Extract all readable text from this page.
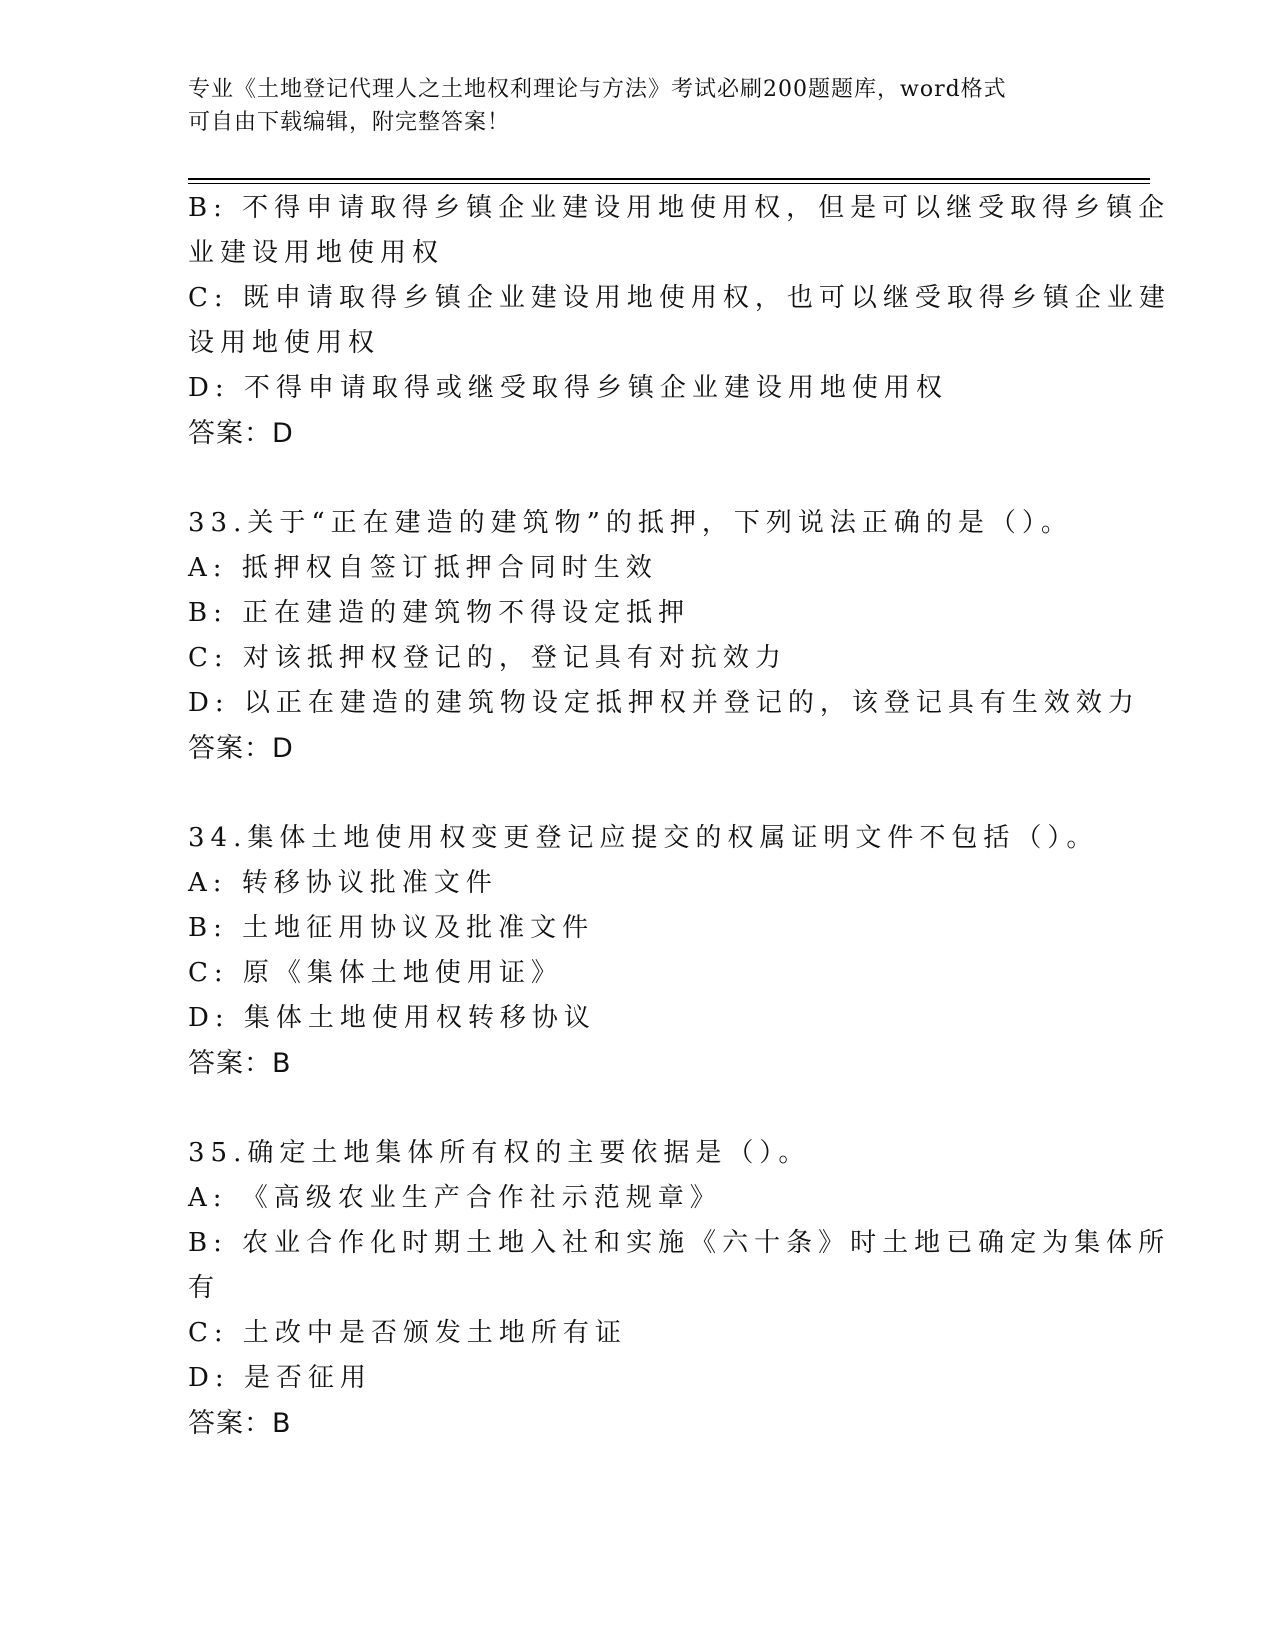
专业《土地登记代理人之土地权利理论与方法》考试必刷200题题库，word格式
可自由下载编辑，附完整答案！
B: 不得申请取得乡镇企业建设用地使用权，但是可以继受取得乡镇企
业建设用地使用权
C: 既申请取得乡镇企业建设用地使用权，也可以继受取得乡镇企业建
设用地使用权
D: 不得申请取得或继受取得乡镇企业建设用地使用权
答案：D
33.关于“正在建造的建筑物”的抵押，下列说法正确的是（）。
A: 抵押权自签订抵押合同时生效
B: 正在建造的建筑物不得设定抵押
C: 对该抵押权登记的，登记具有对抗效力
D: 以正在建造的建筑物设定抵押权并登记的，该登记具有生效效力
答案：D
34.集体土地使用权变更登记应提交的权属证明文件不包括（）。
A: 转移协议批准文件
B: 土地征用协议及批准文件
C: 原《集体土地使用证》
D: 集体土地使用权转移协议
答案：B
35.确定土地集体所有权的主要依据是（）。
A: 《高级农业生产合作社示范规章》
B: 农业合作化时期土地入社和实施《六十条》时土地已确定为集体所
有
C: 土改中是否颁发土地所有证
D: 是否征用
答案：B
